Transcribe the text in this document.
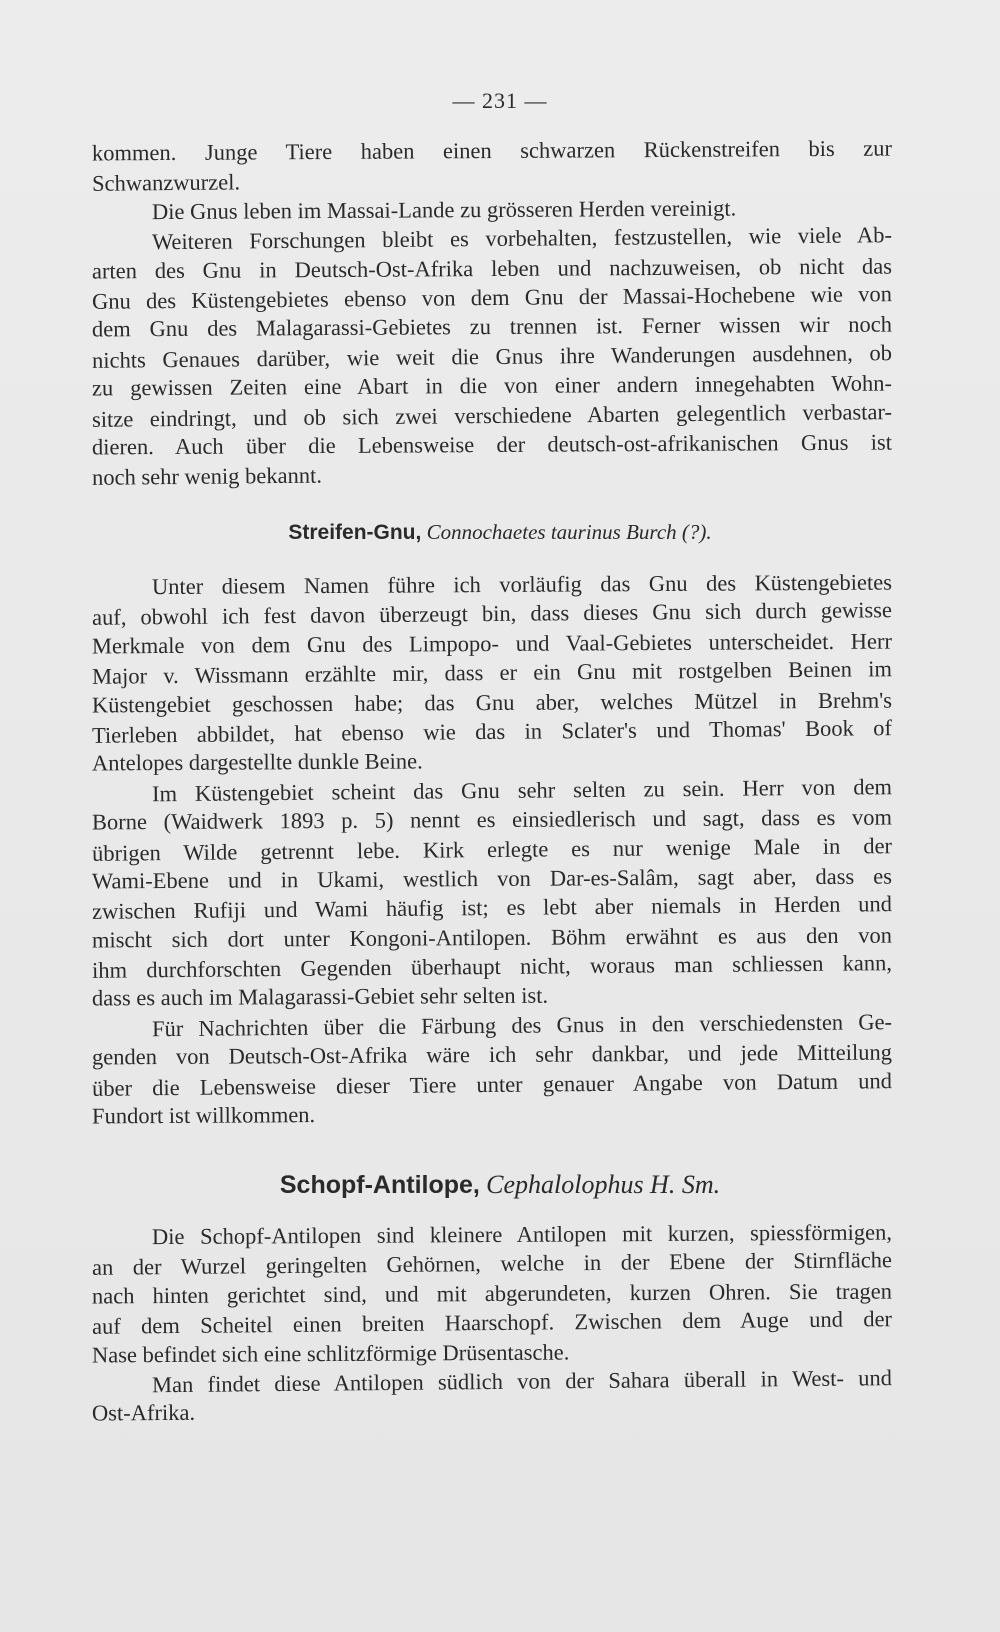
— 231 —
kommen. Junge Tiere haben einen schwarzen Rückenstreifen bis zur
Schwanzwurzel.
Die Gnus leben im Massai-Lande zu grösseren Herden vereinigt.
Weiteren Forschungen bleibt es vorbehalten, festzustellen, wie viele Ab-
arten des Gnu in Deutsch-Ost-Afrika leben und nachzuweisen, ob nicht das
Gnu des Küstengebietes ebenso von dem Gnu der Massai-Hochebene wie von
dem Gnu des Malagarassi-Gebietes zu trennen ist. Ferner wissen wir noch
nichts Genaues darüber, wie weit die Gnus ihre Wanderungen ausdehnen, ob
zu gewissen Zeiten eine Abart in die von einer andern innegehabten Wohn-
sitze eindringt, und ob sich zwei verschiedene Abarten gelegentlich verbastar-
dieren. Auch über die Lebensweise der deutsch-ost-afrikanischen Gnus ist
noch sehr wenig bekannt.
Streifen-Gnu, Connochaetes taurinus Burch (?).
Unter diesem Namen führe ich vorläufig das Gnu des Küstengebietes
auf, obwohl ich fest davon überzeugt bin, dass dieses Gnu sich durch gewisse
Merkmale von dem Gnu des Limpopo- und Vaal-Gebietes unterscheidet. Herr
Major v. Wissmann erzählte mir, dass er ein Gnu mit rostgelben Beinen im
Küstengebiet geschossen habe; das Gnu aber, welches Mützel in Brehm's
Tierleben abbildet, hat ebenso wie das in Sclater's und Thomas' Book of
Antelopes dargestellte dunkle Beine.
Im Küstengebiet scheint das Gnu sehr selten zu sein. Herr von dem
Borne (Waidwerk 1893 p. 5) nennt es einsiedlerisch und sagt, dass es vom
übrigen Wilde getrennt lebe. Kirk erlegte es nur wenige Male in der
Wami-Ebene und in Ukami, westlich von Dar-es-Salâm, sagt aber, dass es
zwischen Rufiji und Wami häufig ist; es lebt aber niemals in Herden und
mischt sich dort unter Kongoni-Antilopen. Böhm erwähnt es aus den von
ihm durchforschten Gegenden überhaupt nicht, woraus man schliessen kann,
dass es auch im Malagarassi-Gebiet sehr selten ist.
Für Nachrichten über die Färbung des Gnus in den verschiedensten Ge-
genden von Deutsch-Ost-Afrika wäre ich sehr dankbar, und jede Mitteilung
über die Lebensweise dieser Tiere unter genauer Angabe von Datum und
Fundort ist willkommen.
Schopf-Antilope, Cephalolophus H. Sm.
Die Schopf-Antilopen sind kleinere Antilopen mit kurzen, spiessförmigen,
an der Wurzel geringelten Gehörnen, welche in der Ebene der Stirnfläche
nach hinten gerichtet sind, und mit abgerundeten, kurzen Ohren. Sie tragen
auf dem Scheitel einen breiten Haarschopf. Zwischen dem Auge und der
Nase befindet sich eine schlitzförmige Drüsentasche.
Man findet diese Antilopen südlich von der Sahara überall in West- und
Ost-Afrika.
